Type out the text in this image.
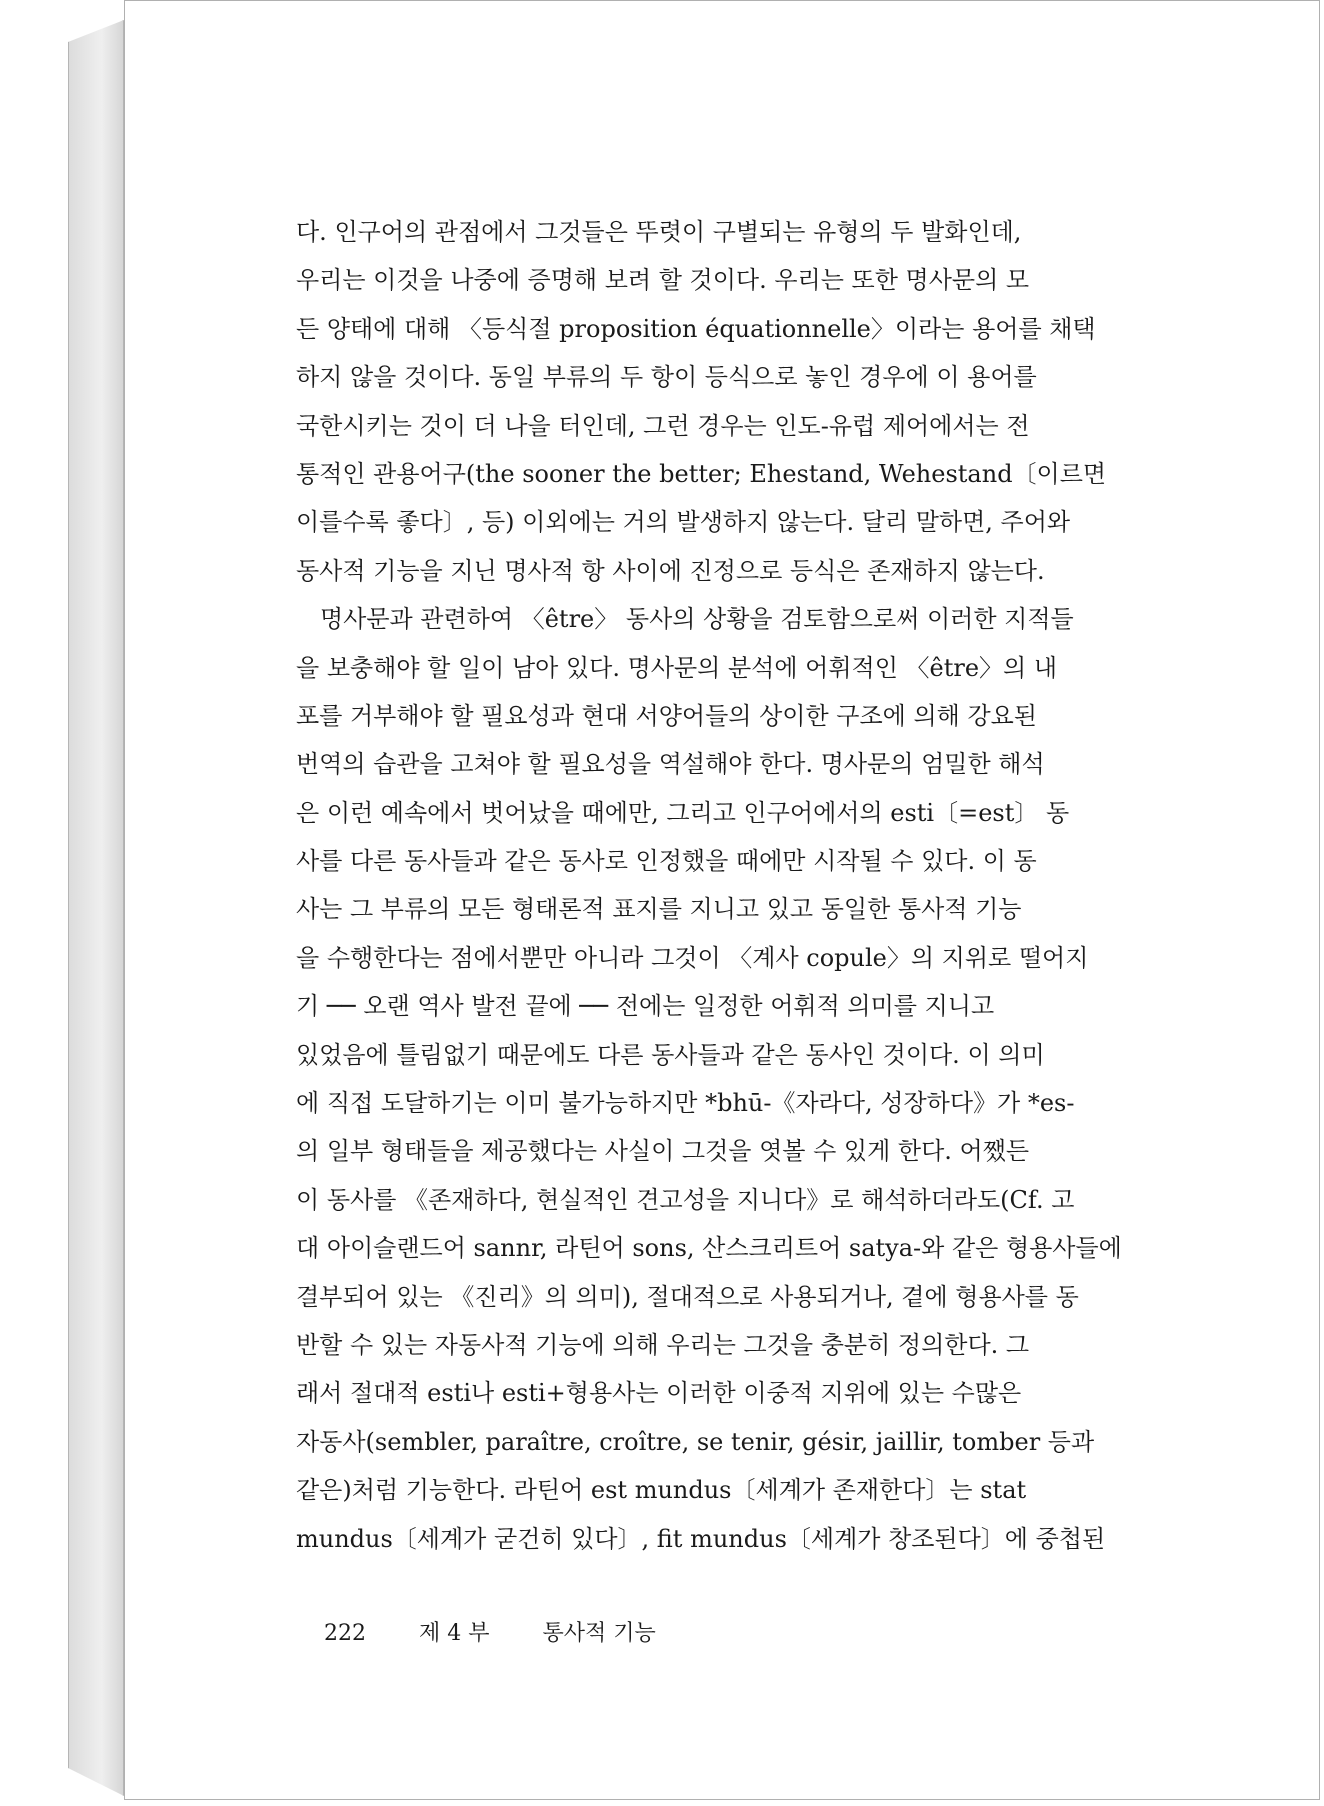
다. 인구어의 관점에서 그것들은 뚜렷이 구별되는 유형의 두 발화인데,
우리는 이것을 나중에 증명해 보려 할 것이다. 우리는 또한 명사문의 모
든 양태에 대해 〈등식절 proposition équationnelle〉이라는 용어를 채택
하지 않을 것이다. 동일 부류의 두 항이 등식으로 놓인 경우에 이 용어를
국한시키는 것이 더 나을 터인데, 그런 경우는 인도-유럽 제어에서는 전
통적인 관용어구(the sooner the better; Ehestand, Wehestand〔이르면
이를수록 좋다〕, 등) 이외에는 거의 발생하지 않는다. 달리 말하면, 주어와
동사적 기능을 지닌 명사적 항 사이에 진정으로 등식은 존재하지 않는다.
명사문과 관련하여 〈être〉 동사의 상황을 검토함으로써 이러한 지적들
을 보충해야 할 일이 남아 있다. 명사문의 분석에 어휘적인 〈être〉의 내
포를 거부해야 할 필요성과 현대 서양어들의 상이한 구조에 의해 강요된
번역의 습관을 고쳐야 할 필요성을 역설해야 한다. 명사문의 엄밀한 해석
은 이런 예속에서 벗어났을 때에만, 그리고 인구어에서의 esti〔=est〕 동
사를 다른 동사들과 같은 동사로 인정했을 때에만 시작될 수 있다. 이 동
사는 그 부류의 모든 형태론적 표지를 지니고 있고 동일한 통사적 기능
을 수행한다는 점에서뿐만 아니라 그것이 〈계사 copule〉의 지위로 떨어지
기 ── 오랜 역사 발전 끝에 ── 전에는 일정한 어휘적 의미를 지니고
있었음에 틀림없기 때문에도 다른 동사들과 같은 동사인 것이다. 이 의미
에 직접 도달하기는 이미 불가능하지만 *bhū-《자라다, 성장하다》가 *es-
의 일부 형태들을 제공했다는 사실이 그것을 엿볼 수 있게 한다. 어쨌든
이 동사를 《존재하다, 현실적인 견고성을 지니다》로 해석하더라도(Cf. 고
대 아이슬랜드어 sannr, 라틴어 sons, 산스크리트어 satya-와 같은 형용사들에
결부되어 있는 《진리》의 의미), 절대적으로 사용되거나, 곁에 형용사를 동
반할 수 있는 자동사적 기능에 의해 우리는 그것을 충분히 정의한다. 그
래서 절대적 esti나 esti+형용사는 이러한 이중적 지위에 있는 수많은
자동사(sembler, paraître, croître, se tenir, gésir, jaillir, tomber 등과
같은)처럼 기능한다. 라틴어 est mundus〔세계가 존재한다〕는 stat
mundus〔세계가 굳건히 있다〕, fit mundus〔세계가 창조된다〕에 중첩된
222 제 4 부 통사적 기능
